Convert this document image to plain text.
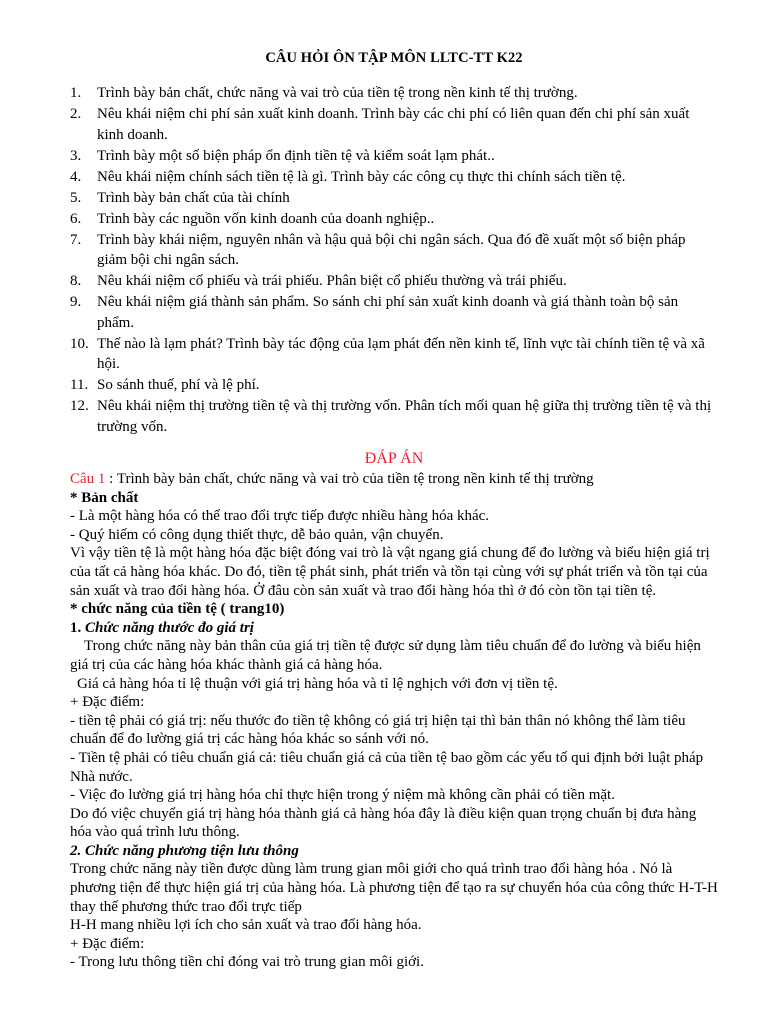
CÂU HỎI ÔN TẬP MÔN LLTC-TT K22
1.	Trình bày bản chất, chức năng và vai trò của tiền tệ trong nền kinh tế thị trường.
2.	Nêu khái niệm chi phí sản xuất kinh doanh. Trình bày các chi phí có liên quan đến chi phí sản xuất kinh doanh.
3.	Trình bày một số biện pháp ổn định tiền tệ và kiểm soát lạm phát..
4.	Nêu khái niệm chính sách tiền tệ là gì. Trình bày các công cụ thực thi chính sách tiền tệ.
5.	Trình bày bản chất của tài chính
6.	Trình bày các nguồn vốn kinh doanh của doanh nghiệp..
7.	Trình bày khái niệm, nguyên nhân và hậu quả bội chi ngân sách. Qua đó đề xuất một số biện pháp giảm bội chi ngân sách.
8.	Nêu khái niệm cổ phiếu và trái phiếu. Phân biệt cổ phiếu thường và trái phiếu.
9.	Nêu khái niệm giá thành sản phẩm. So sánh chi phí sản xuất kinh doanh và giá thành toàn bộ sản phẩm.
10. Thế nào là lạm phát? Trình bày tác động của lạm phát đến nền kinh tế, lĩnh vực tài chính tiền tệ và xã hội.
11. So sánh thuế, phí và lệ phí.
12. Nêu khái niệm thị trường tiền tệ và thị trường vốn. Phân tích mối quan hệ giữa thị trường tiền tệ và thị trường vốn.
ĐÁP ÁN

Câu 1 : Trình bày bản chất, chức năng và vai trò của tiền tệ trong nền kinh tế thị trường

* Bản chất

- Là một hàng hóa có thể trao đổi trực tiếp được nhiều hàng hóa khác.

- Quý hiếm có công dụng thiết thực, dễ bảo quản, vận chuyển.

Vì vậy tiền tệ là một hàng hóa đặc biệt đóng vai trò là vật ngang giá chung để đo lường và biểu hiện giá trị của tất cả hàng hóa khác. Do đó, tiền tệ phát sinh, phát triển và tồn tại cùng với sự phát triển và tồn tại của sản xuất và trao đổi hàng hóa. Ở đâu còn sản xuất và trao đổi hàng hóa thì ở đó còn tồn tại tiền tệ.

* chức năng của tiền tệ ( trang10)

1. Chức năng thước đo giá trị

Trong chức năng này bản thân của giá trị tiền tệ được sử dụng làm tiêu chuẩn để đo lường và biểu hiện giá trị của các hàng hóa khác thành giá cả hàng hóa.

Giá cả hàng hóa tỉ lệ thuận với giá trị hàng hóa và tỉ lệ nghịch với đơn vị tiền tệ.

+ Đặc điểm:

- tiền tệ phải có giá trị: nếu thước đo tiền tệ không có giá trị hiện tại thì bản thân nó không thể làm tiêu chuẩn để đo lường giá trị các hàng hóa khác so sánh với nó.

- Tiền tệ phải có tiêu chuẩn giá cả: tiêu chuẩn giá cả của tiền tệ bao gồm các yếu tố qui định bởi luật pháp Nhà nước.

- Việc đo lường giá trị hàng hóa chỉ thực hiện trong ý niệm mà không cần phải có tiền mặt.

Do đó việc chuyển giá trị hàng hóa thành giá cả hàng hóa đây là điều kiện quan trọng chuẩn bị đưa hàng hóa vào quá trình lưu thông.

2. Chức năng phương tiện lưu thông

Trong chức năng này tiền được dùng làm trung gian môi giới cho quá trình trao đổi hàng hóa . Nó là phương tiện để thực hiện giá trị của hàng hóa. Là phương tiện để tạo ra sự chuyển hóa của công thức H-T-H thay thế phương thức trao đổi trực tiếp

H-H mang nhiều lợi ích cho sản xuất và trao đổi hàng hóa.

+ Đặc điểm:

- Trong lưu thông tiền chỉ đóng vai trò trung gian môi giới.
